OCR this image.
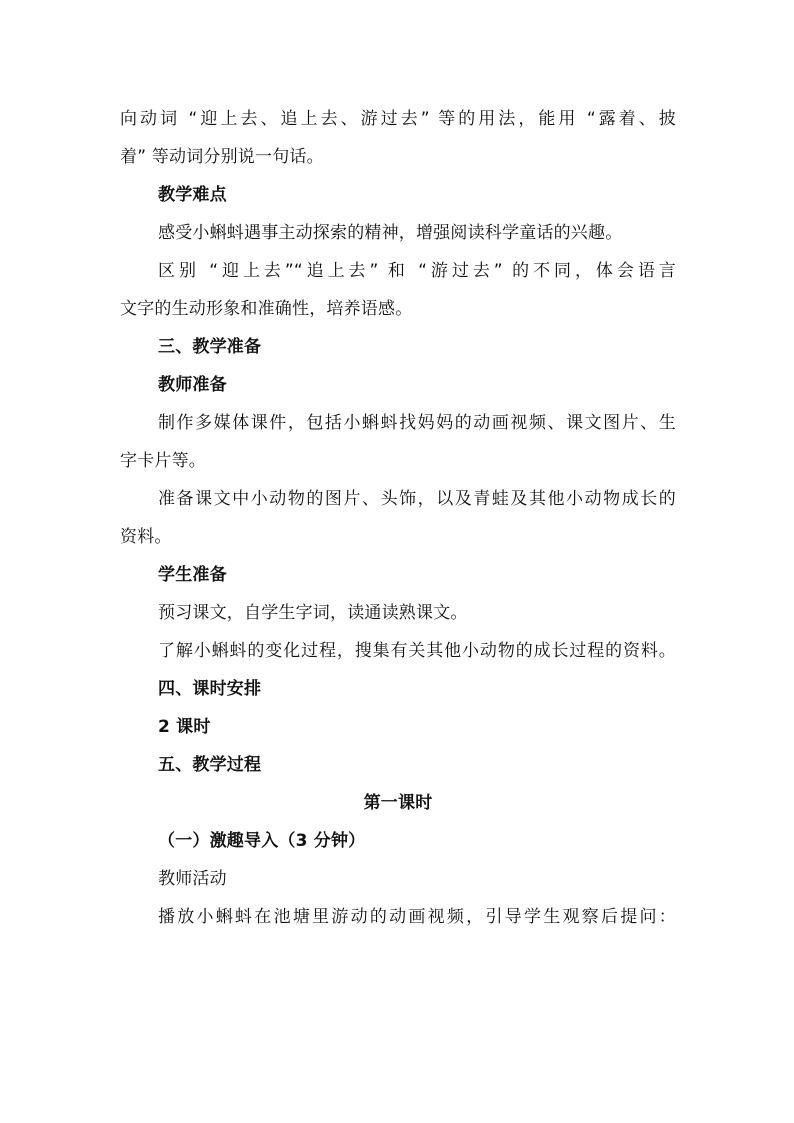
向动词 “迎上去、追上去、游过去” 等的用法，能用 “露着、披
着” 等动词分别说一句话。
教学难点
感受小蝌蚪遇事主动探索的精神，增强阅读科学童话的兴趣。
区别 “迎上去”“追上去” 和 “游过去” 的不同，体会语言
文字的生动形象和准确性，培养语感。
三、教学准备
教师准备
制作多媒体课件，包括小蝌蚪找妈妈的动画视频、课文图片、生
字卡片等。
准备课文中小动物的图片、头饰，以及青蛙及其他小动物成长的
资料。
学生准备
预习课文，自学生字词，读通读熟课文。
了解小蝌蚪的变化过程，搜集有关其他小动物的成长过程的资料。
四、课时安排
2 课时
五、教学过程
第一课时
（一）激趣导入（3 分钟）
教师活动
播放小蝌蚪在池塘里游动的动画视频，引导学生观察后提问：
